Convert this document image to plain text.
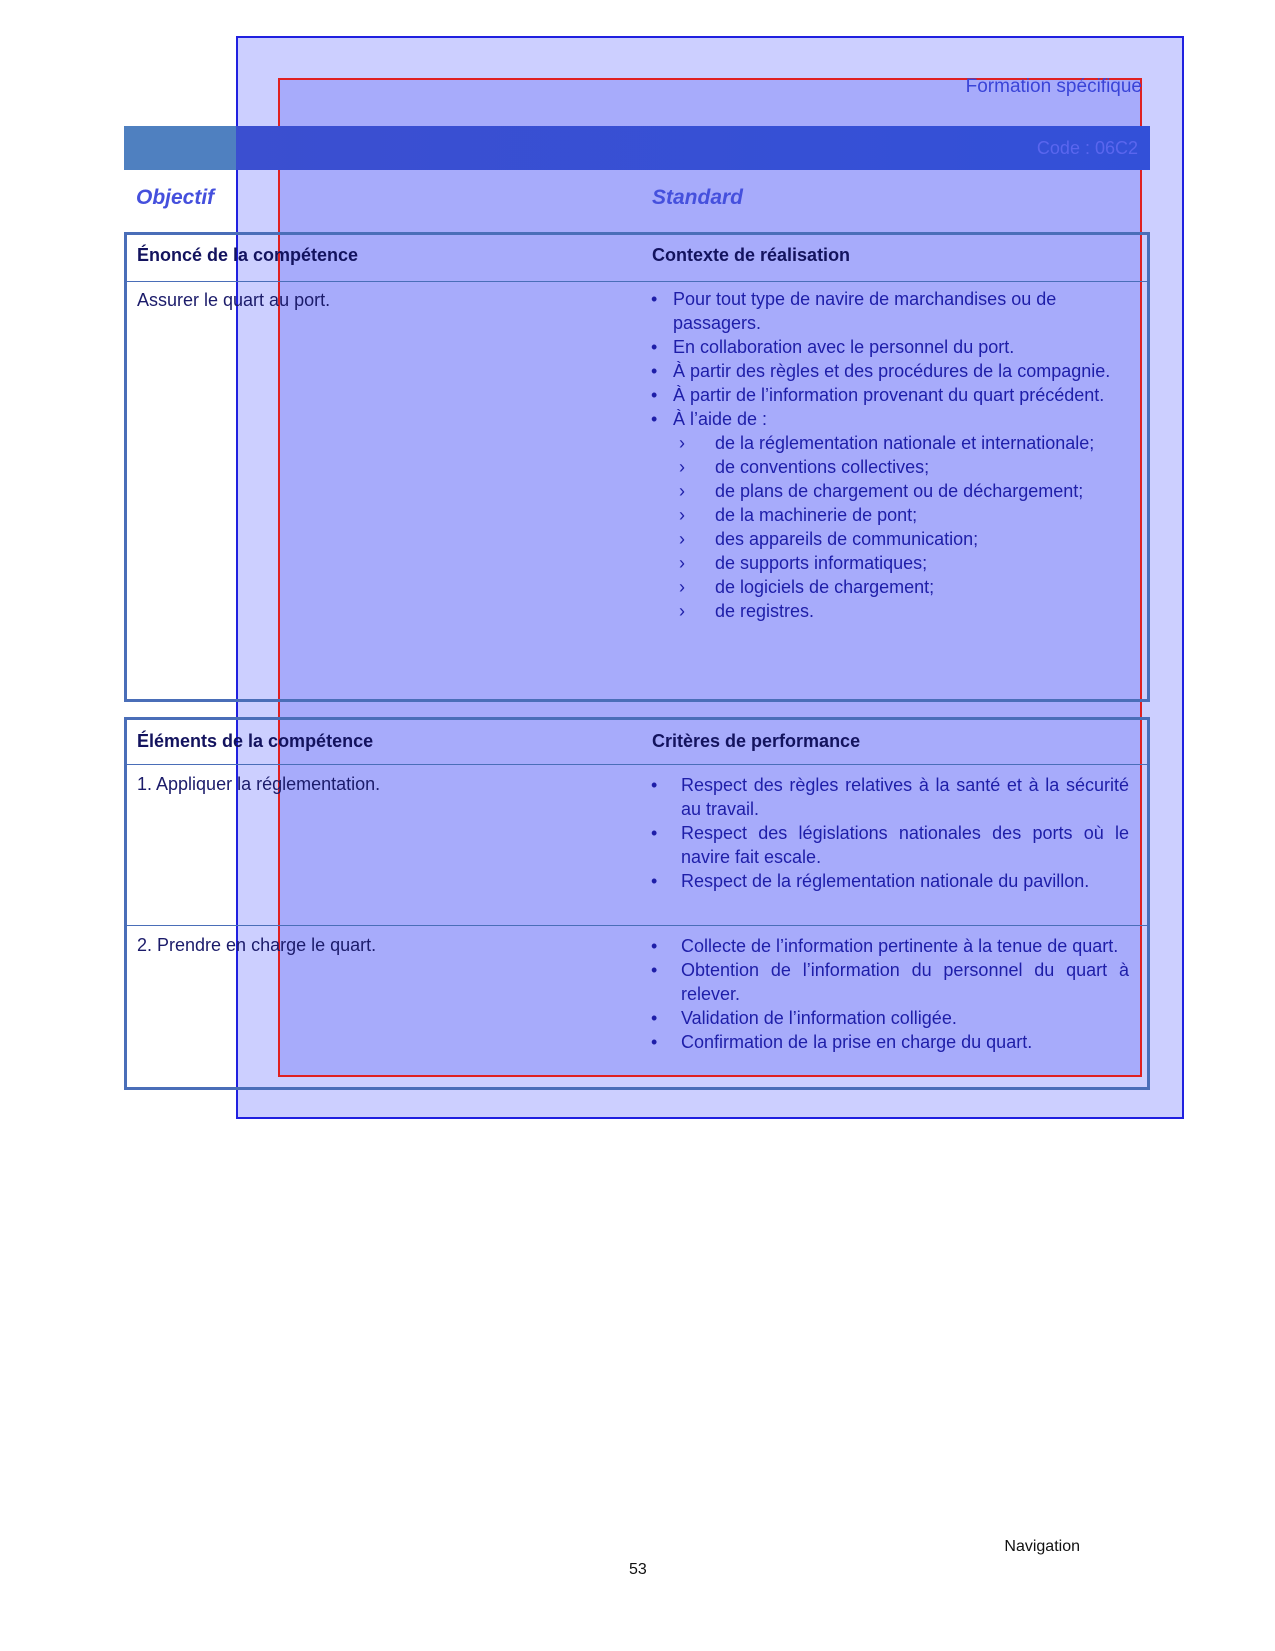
Formation spécifique
Code : 06C2
Objectif	Standard
Énoncé de la compétence	Contexte de réalisation
Assurer le quart au port.	• Pour tout type de navire de marchandises ou de passagers.
• En collaboration avec le personnel du port.
• À partir des règles et des procédures de la compagnie.
• À partir de l’information provenant du quart précédent.
• À l’aide de :
› de la réglementation nationale et internationale;
› de conventions collectives;
› de plans de chargement ou de déchargement;
› de la machinerie de pont;
› des appareils de communication;
› de supports informatiques;
› de logiciels de chargement;
› de registres.
Éléments de la compétence	Critères de performance
1. Appliquer la réglementation.	• Respect des règles relatives à la santé et à la sécurité au travail.
• Respect des législations nationales des ports où le navire fait escale.
• Respect de la réglementation nationale du pavillon.
2. Prendre en charge le quart.	• Collecte de l’information pertinente à la tenue de quart.
• Obtention de l’information du personnel du quart à relever.
• Validation de l’information colligée.
• Confirmation de la prise en charge du quart.
Navigation
53
